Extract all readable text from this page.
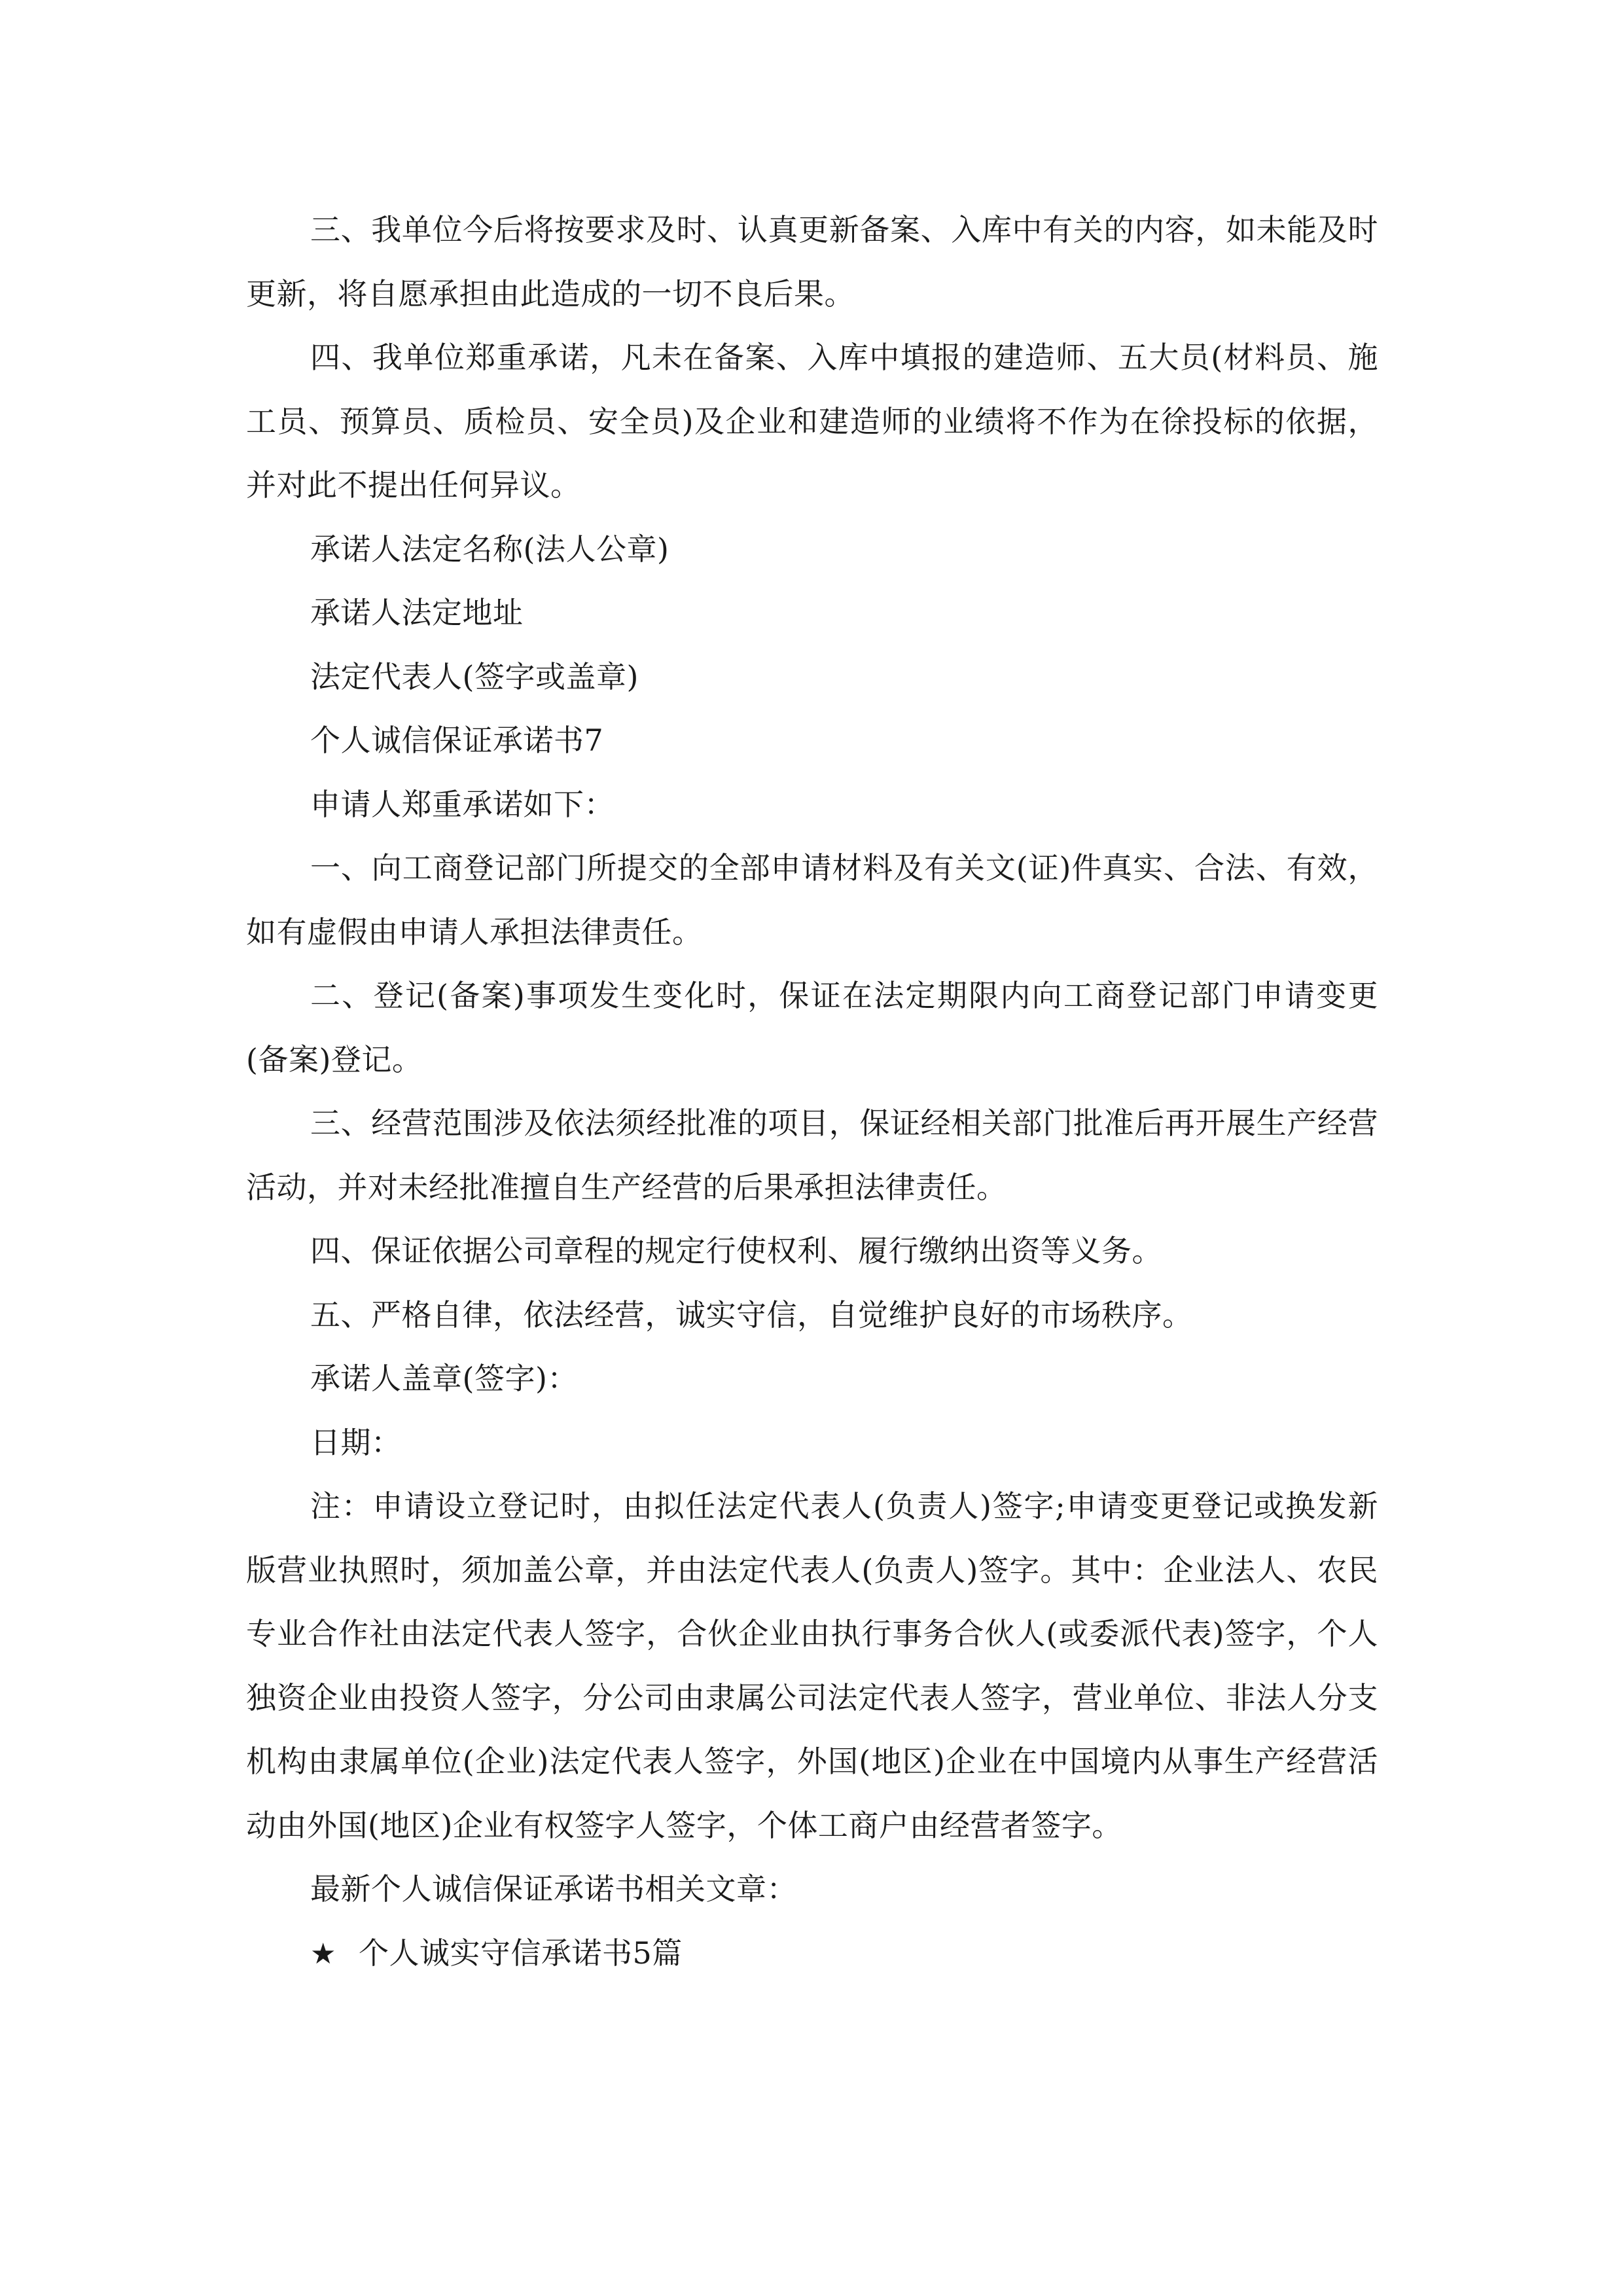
三、我单位今后将按要求及时、认真更新备案、入库中有关的内容，如未能及时更新，将自愿承担由此造成的一切不良后果。

四、我单位郑重承诺，凡未在备案、入库中填报的建造师、五大员(材料员、施工员、预算员、质检员、安全员)及企业和建造师的业绩将不作为在徐投标的依据，并对此不提出任何异议。

承诺人法定名称(法人公章)

承诺人法定地址

法定代表人(签字或盖章)

个人诚信保证承诺书7

申请人郑重承诺如下：

一、向工商登记部门所提交的全部申请材料及有关文(证)件真实、合法、有效，如有虚假由申请人承担法律责任。

二、登记(备案)事项发生变化时，保证在法定期限内向工商登记部门申请变更(备案)登记。

三、经营范围涉及依法须经批准的项目，保证经相关部门批准后再开展生产经营活动，并对未经批准擅自生产经营的后果承担法律责任。

四、保证依据公司章程的规定行使权利、履行缴纳出资等义务。

五、严格自律，依法经营，诚实守信，自觉维护良好的市场秩序。

承诺人盖章(签字)：

日期：

注：申请设立登记时，由拟任法定代表人(负责人)签字;申请变更登记或换发新版营业执照时，须加盖公章，并由法定代表人(负责人)签字。其中：企业法人、农民专业合作社由法定代表人签字，合伙企业由执行事务合伙人(或委派代表)签字，个人独资企业由投资人签字，分公司由隶属公司法定代表人签字，营业单位、非法人分支机构由隶属单位(企业)法定代表人签字，外国(地区)企业在中国境内从事生产经营活动由外国(地区)企业有权签字人签字，个体工商户由经营者签字。

最新个人诚信保证承诺书相关文章：

★ 个人诚实守信承诺书5篇
